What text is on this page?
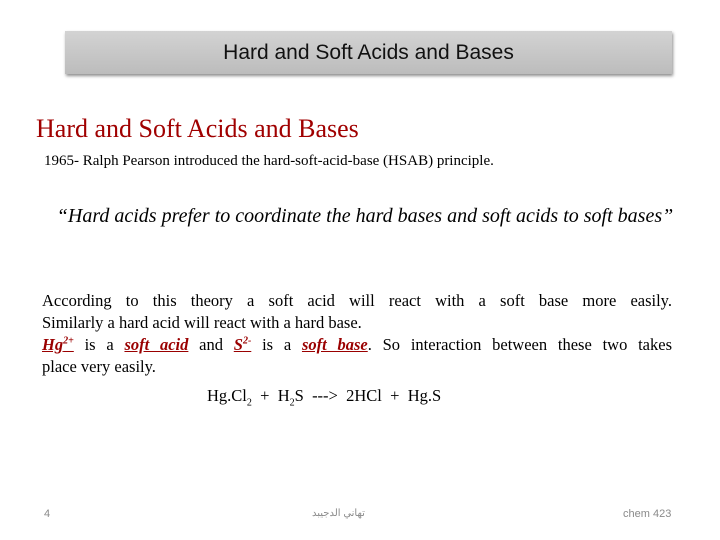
Hard and Soft Acids and Bases
Hard and Soft Acids and Bases
1965- Ralph Pearson introduced the hard-soft-acid-base (HSAB) principle.
“Hard acids prefer to coordinate the hard bases and soft acids to soft bases”
According to this theory a soft acid will react with a soft base more easily.
Similarly a hard acid will react with a hard base.
$Hg^{2+}$ is a soft acid and $S^{2-}$ is a soft base. So interaction between these two takes
place very easily.
$Hg.Cl_2 + H_2S$  --->  2HCl  +  Hg.S
4	تهاني الدجيبد	chem 423
